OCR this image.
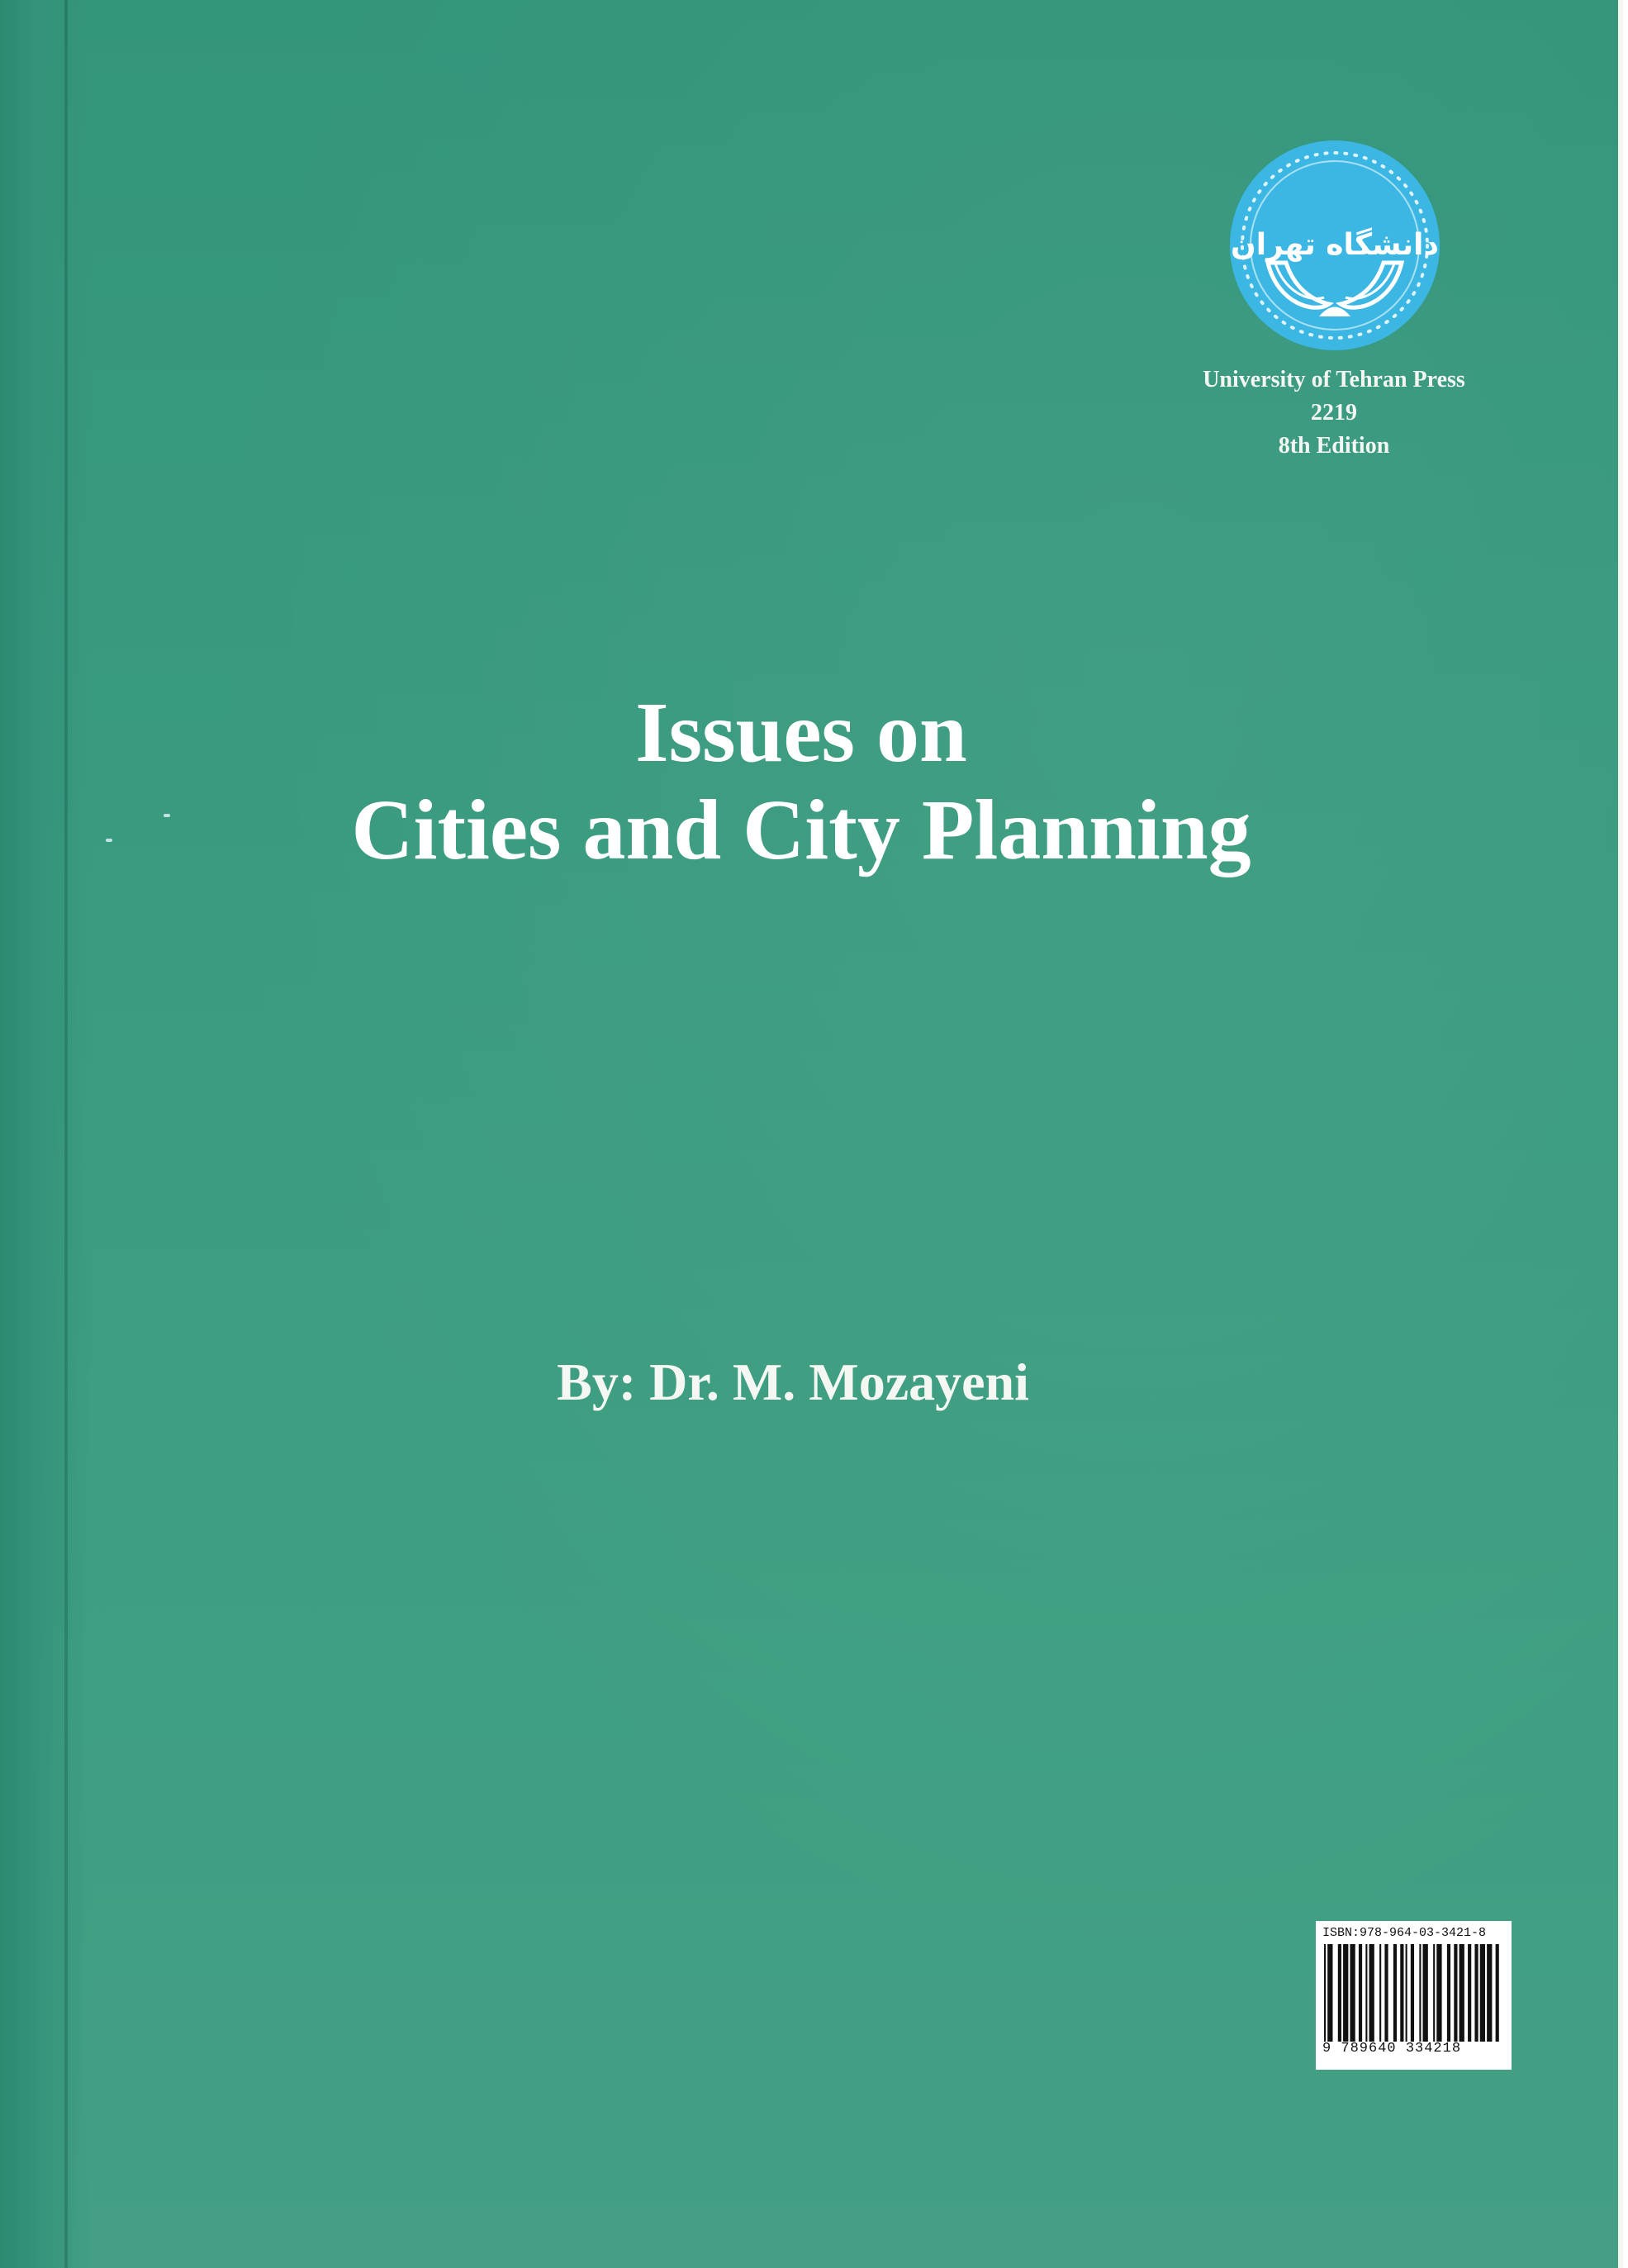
دانشگاه تهران
University of Tehran Press
2219
8th Edition
Issues on
Cities and City Planning
By: Dr. M. Mozayeni
ISBN:978-964-03-3421-8
9 789640 334218
